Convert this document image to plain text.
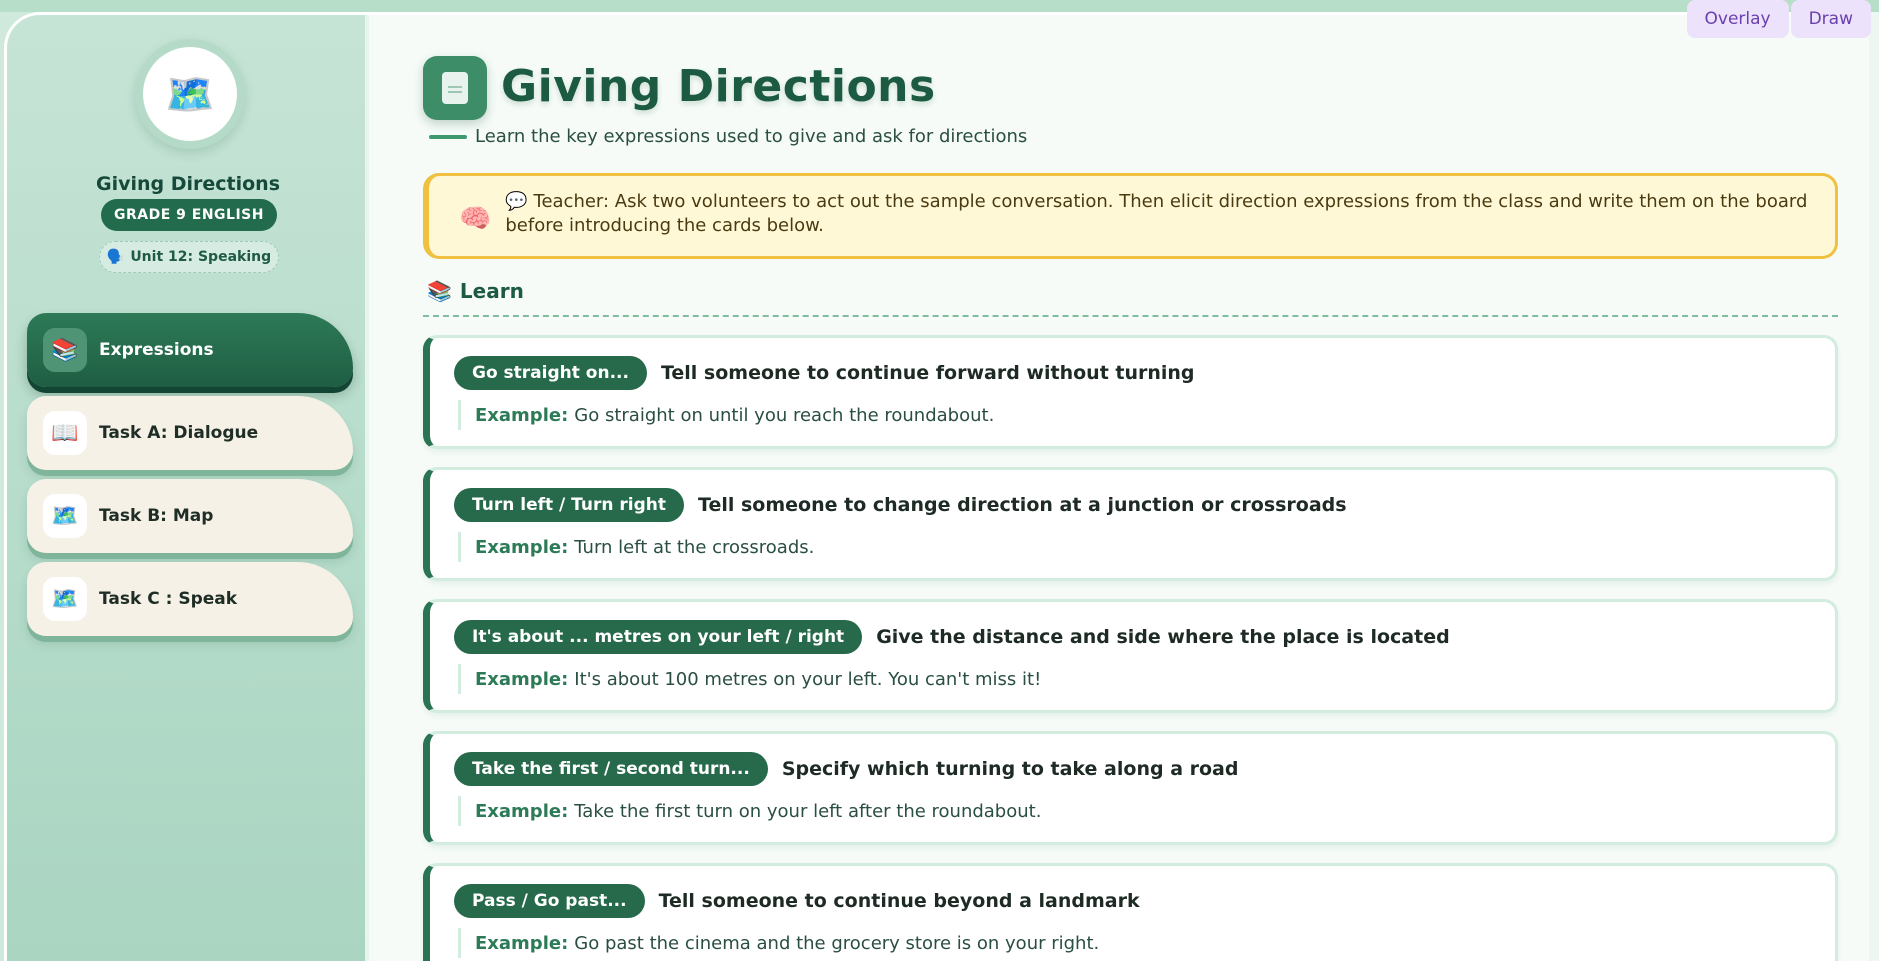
🗺️
Giving Directions
GRADE 9 ENGLISH
🗣️ Unit 12: Speaking
📚	Expressions
📖	Task A: Dialogue
🗺️	Task B: Map
🗺️	Task C : Speak
Giving Directions
Learn the key expressions used to give and ask for directions
🧠
💬 Teacher: Ask two volunteers to act out the sample conversation. Then elicit direction expressions from the class and write them on the board before introducing the cards below.
📚 Learn
Go straight on...	Tell someone to continue forward without turning
Example: Go straight on until you reach the roundabout.
Turn left / Turn right	Tell someone to change direction at a junction or crossroads
Example: Turn left at the crossroads.
It's about ... metres on your left / right	Give the distance and side where the place is located
Example: It's about 100 metres on your left. You can't miss it!
Take the first / second turn...	Specify which turning to take along a road
Example: Take the first turn on your left after the roundabout.
Pass / Go past...	Tell someone to continue beyond a landmark
Example: Go past the cinema and the grocery store is on your right.
Overlay	Draw
